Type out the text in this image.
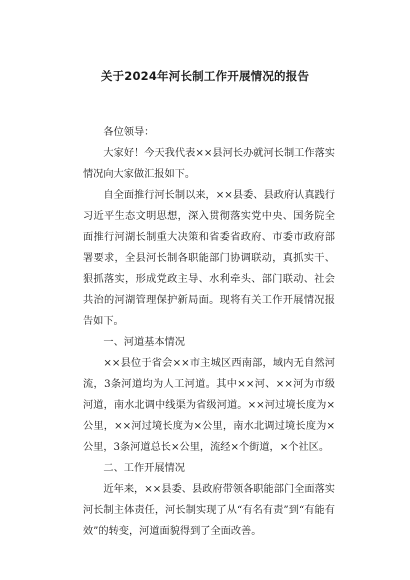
关于2024年河长制工作开展情况的报告

各位领导：

大家好！今天我代表××县河长办就河长制工作落实情况向大家做汇报如下。

自全面推行河长制以来，××县委、县政府认真践行习近平生态文明思想，深入贯彻落实党中央、国务院全面推行河湖长制重大决策和省委省政府、市委市政府部署要求，全县河长制各职能部门协调联动，真抓实干、狠抓落实，形成党政主导、水利牵头、部门联动、社会共治的河湖管理保护新局面。现将有关工作开展情况报告如下。

一、河道基本情况

××县位于省会××市主城区西南部，域内无自然河流，3条河道均为人工河道。其中××河、××河为市级河道，南水北调中线渠为省级河道。××河过境长度为×公里，××河过境长度为×公里，南水北调过境长度为×公里，3条河道总长×公里，流经×个街道，×个社区。

二、工作开展情况

近年来，××县委、县政府带领各职能部门全面落实河长制主体责任，河长制实现了从“有名有责”到“有能有效”的转变，河道面貌得到了全面改善。
